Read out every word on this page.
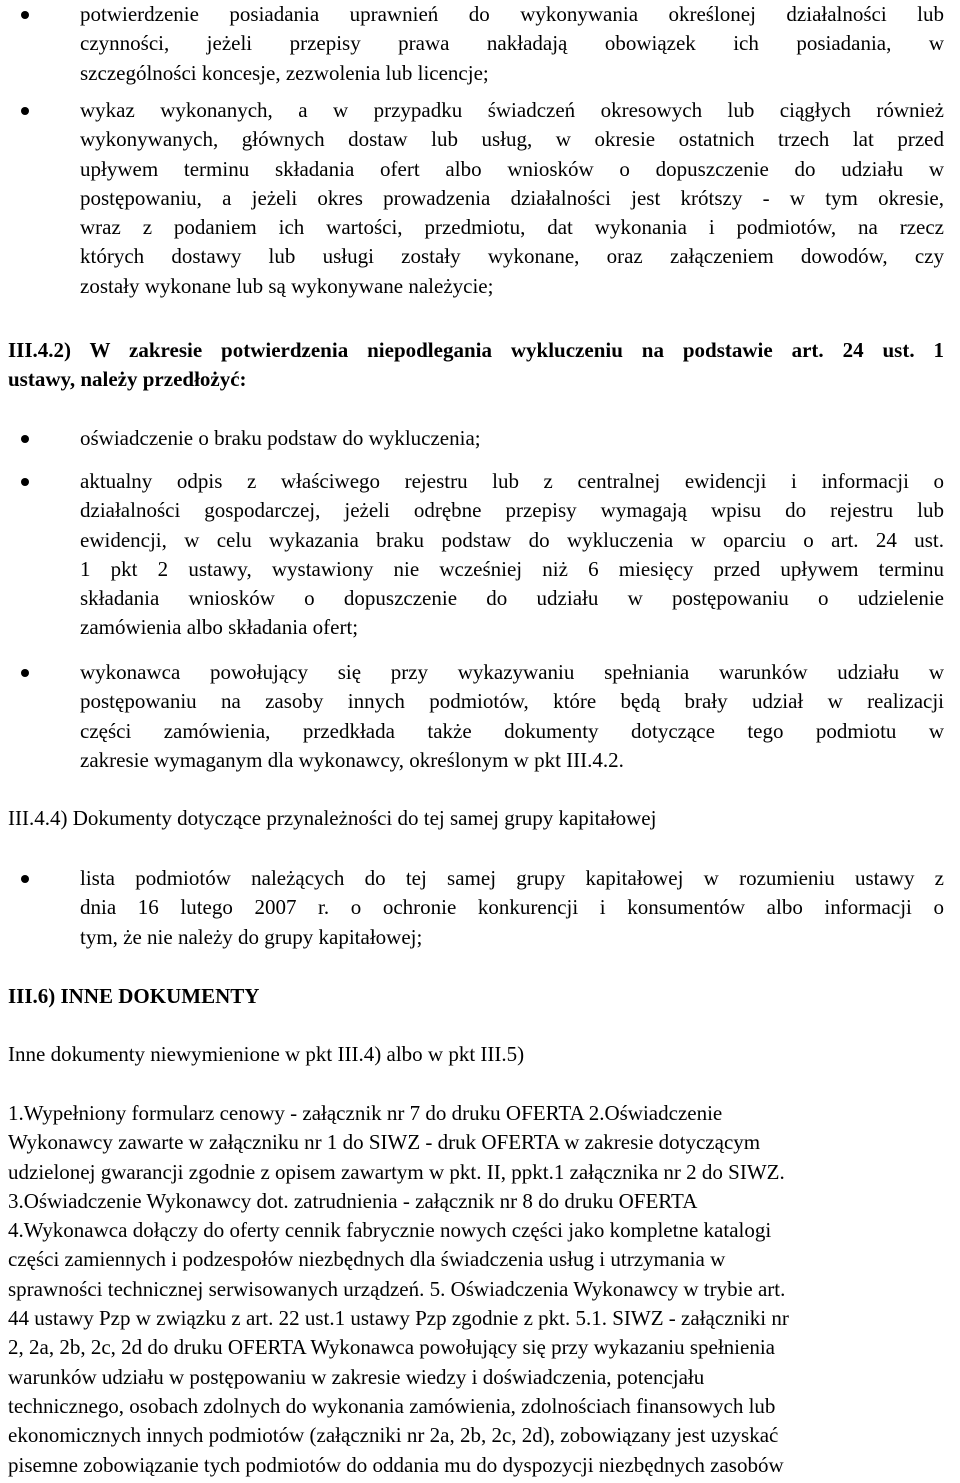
potwierdzenie posiadania uprawnień do wykonywania określonej działalności lub
czynności, jeżeli przepisy prawa nakładają obowiązek ich posiadania, w
szczególności koncesje, zezwolenia lub licencje;
wykaz wykonanych, a w przypadku świadczeń okresowych lub ciągłych również
wykonywanych, głównych dostaw lub usług, w okresie ostatnich trzech lat przed
upływem terminu składania ofert albo wniosków o dopuszczenie do udziału w
postępowaniu, a jeżeli okres prowadzenia działalności jest krótszy - w tym okresie,
wraz z podaniem ich wartości, przedmiotu, dat wykonania i podmiotów, na rzecz
których dostawy lub usługi zostały wykonane, oraz załączeniem dowodów, czy
zostały wykonane lub są wykonywane należycie;
III.4.2) W zakresie potwierdzenia niepodlegania wykluczeniu na podstawie art. 24 ust. 1
ustawy, należy przedłożyć:
oświadczenie o braku podstaw do wykluczenia;
aktualny odpis z właściwego rejestru lub z centralnej ewidencji i informacji o
działalności gospodarczej, jeżeli odrębne przepisy wymagają wpisu do rejestru lub
ewidencji, w celu wykazania braku podstaw do wykluczenia w oparciu o art. 24 ust.
1 pkt 2 ustawy, wystawiony nie wcześniej niż 6 miesięcy przed upływem terminu
składania wniosków o dopuszczenie do udziału w postępowaniu o udzielenie
zamówienia albo składania ofert;
wykonawca powołujący się przy wykazywaniu spełniania warunków udziału w
postępowaniu na zasoby innych podmiotów, które będą brały udział w realizacji
części zamówienia, przedkłada także dokumenty dotyczące tego podmiotu w
zakresie wymaganym dla wykonawcy, określonym w pkt III.4.2.
III.4.4) Dokumenty dotyczące przynależności do tej samej grupy kapitałowej
lista podmiotów należących do tej samej grupy kapitałowej w rozumieniu ustawy z
dnia 16 lutego 2007 r. o ochronie konkurencji i konsumentów albo informacji o
tym, że nie należy do grupy kapitałowej;
III.6) INNE DOKUMENTY
Inne dokumenty niewymienione w pkt III.4) albo w pkt III.5)
1.Wypełniony formularz cenowy - załącznik nr 7 do druku OFERTA 2.Oświadczenie
Wykonawcy zawarte w załączniku nr 1 do SIWZ - druk OFERTA w zakresie dotyczącym
udzielonej gwarancji zgodnie z opisem zawartym w pkt. II, ppkt.1 załącznika nr 2 do SIWZ.
3.Oświadczenie Wykonawcy dot. zatrudnienia - załącznik nr 8 do druku OFERTA
4.Wykonawca dołączy do oferty cennik fabrycznie nowych części jako kompletne katalogi
części zamiennych i podzespołów niezbędnych dla świadczenia usług i utrzymania w
sprawności technicznej serwisowanych urządzeń. 5. Oświadczenia Wykonawcy w trybie art.
44 ustawy Pzp w związku z art. 22 ust.1 ustawy Pzp zgodnie z pkt. 5.1. SIWZ - załączniki nr
2, 2a, 2b, 2c, 2d do druku OFERTA Wykonawca powołujący się przy wykazaniu spełnienia
warunków udziału w postępowaniu w zakresie wiedzy i doświadczenia, potencjału
technicznego, osobach zdolnych do wykonania zamówienia, zdolnościach finansowych lub
ekonomicznych innych podmiotów (załączniki nr 2a, 2b, 2c, 2d), zobowiązany jest uzyskać
pisemne zobowiązanie tych podmiotów do oddania mu do dyspozycji niezbędnych zasobów
